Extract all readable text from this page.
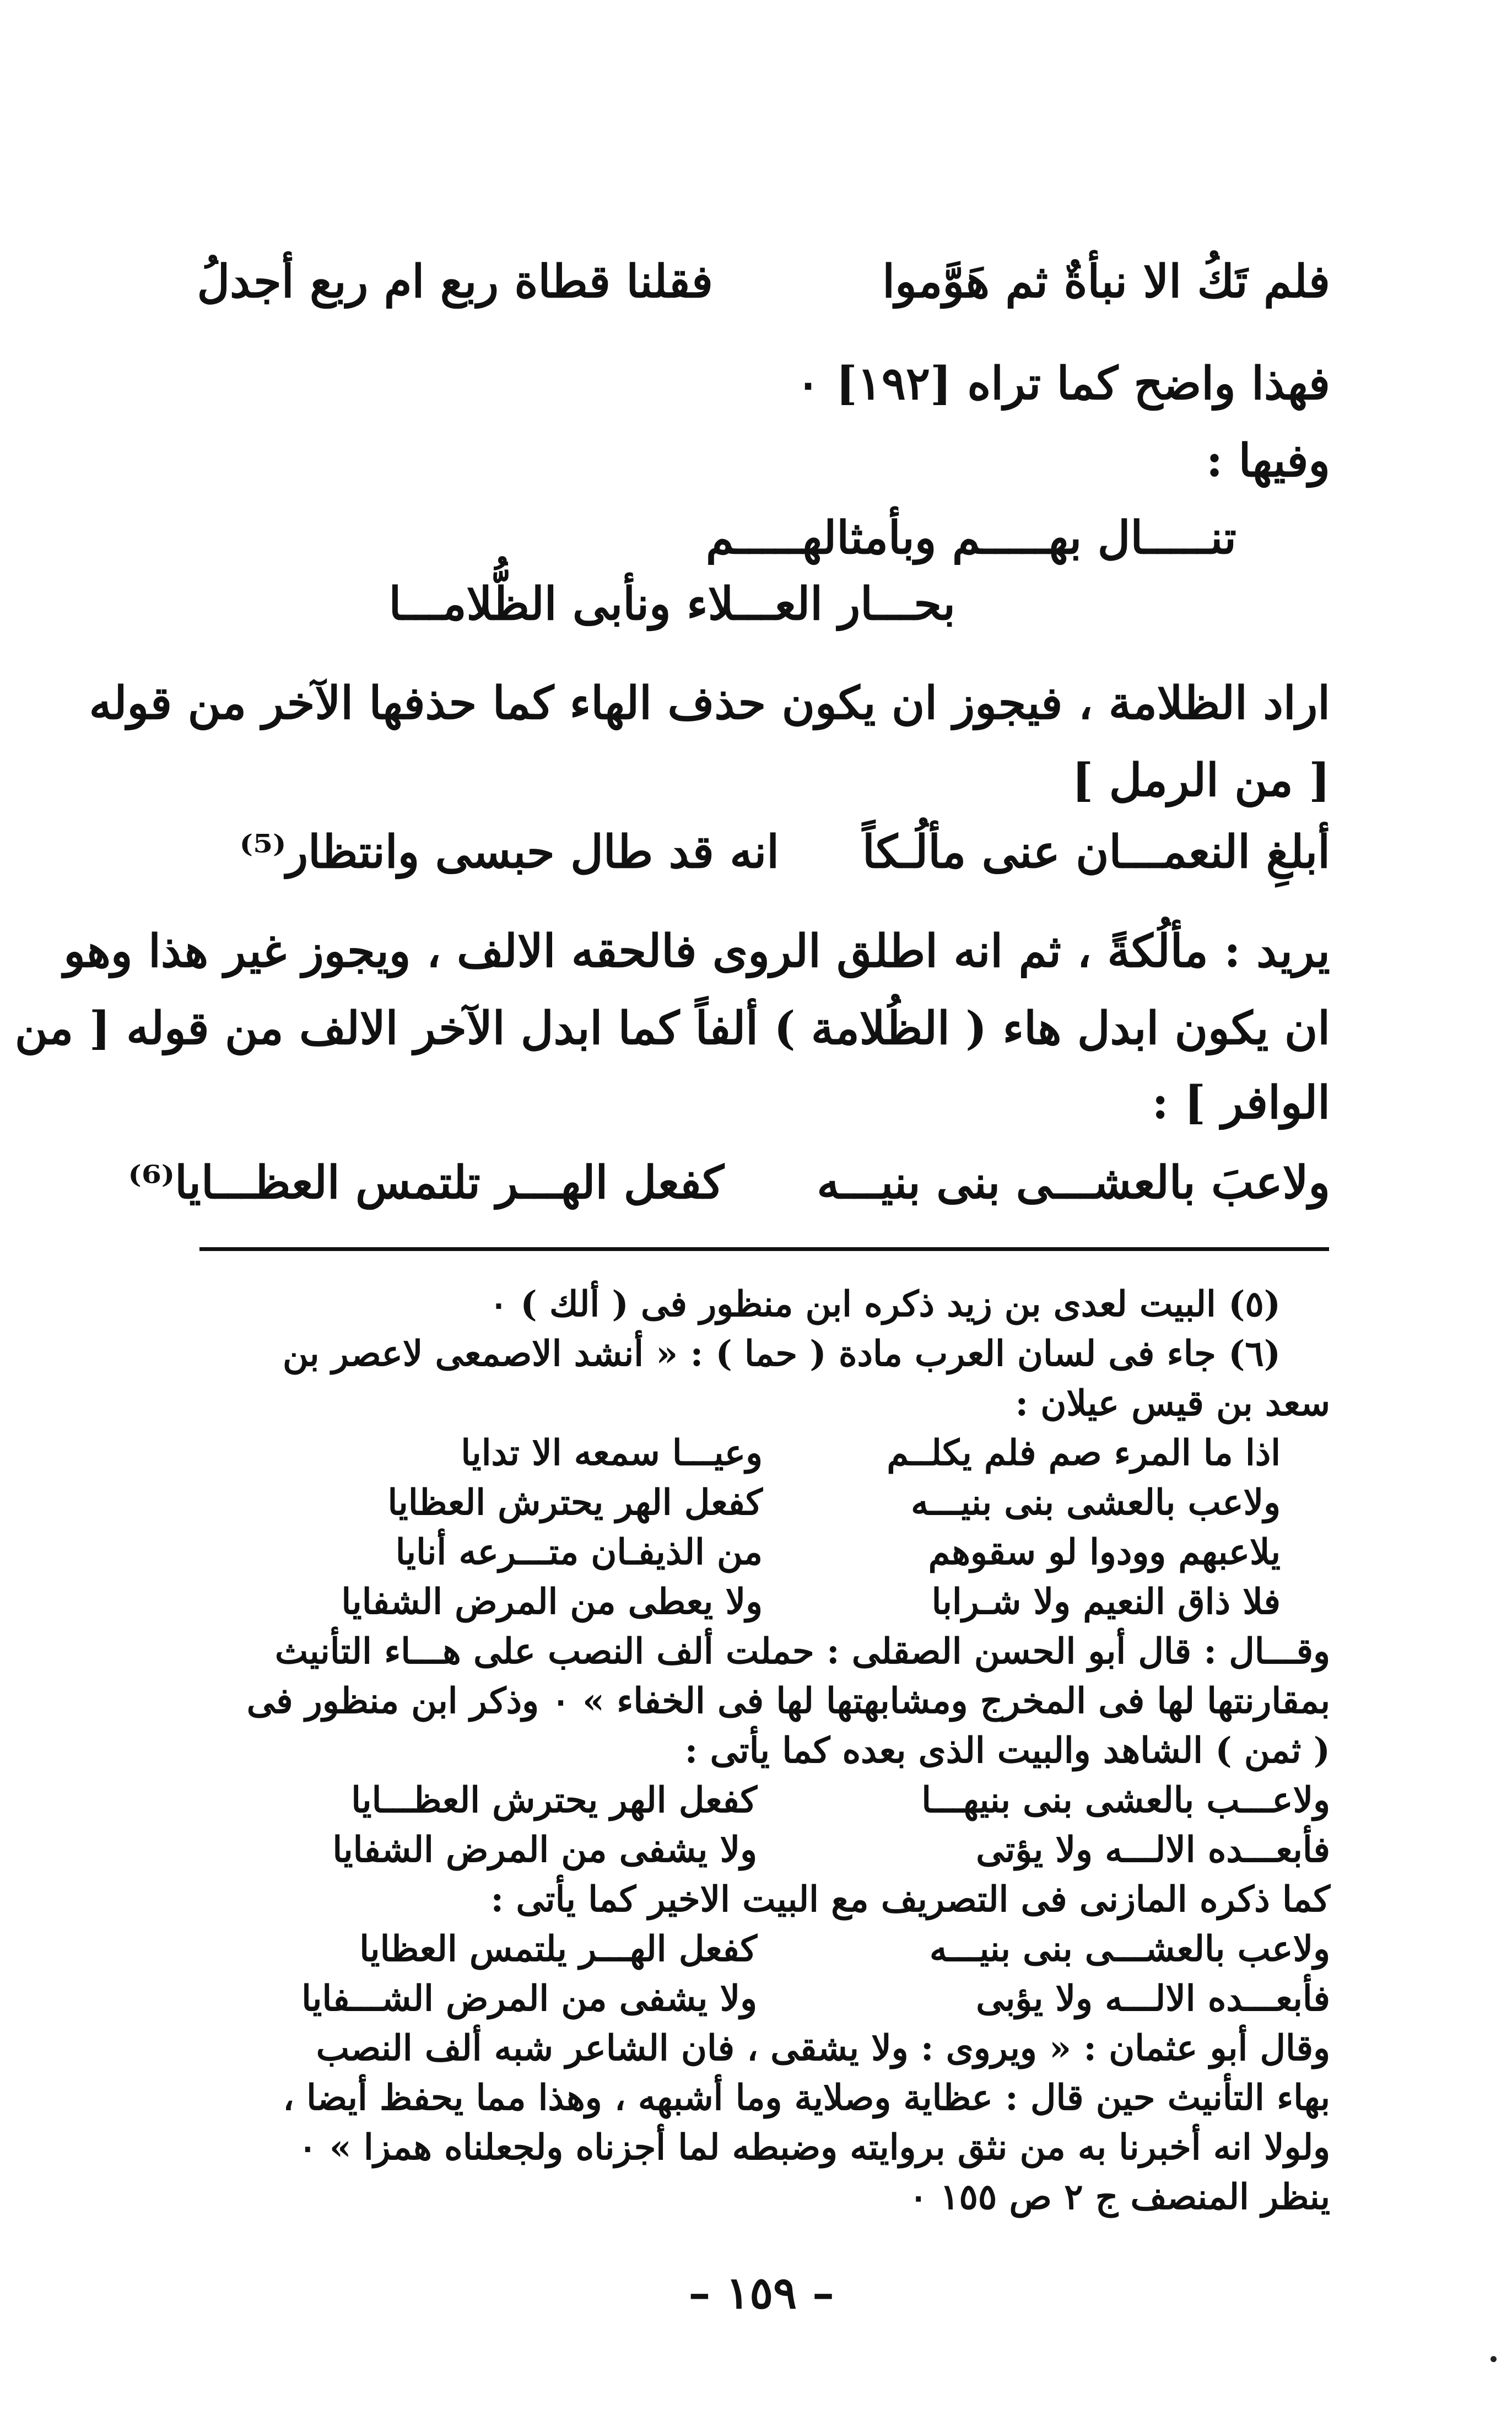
فلم تَكُ الا نبأةٌ ثم هَوَّموا
فقلنا قطاة ربع ام ربع أجدلُ
فهذا واضح كما تراه [١٩٢] ٠
وفيها :
تنـــــال بهـــــم وبأمثالهـــــم
بحـــار العـــلاء ونأبى الظُّلامـــا
اراد الظلامة ، فيجوز ان يكون حذف الهاء كما حذفها الآخر من قوله
[ من الرمل ]
أبلغِ النعمـــان عنى مألُـكاً
انه قد طال حبسى وانتظار⁽⁵⁾
يريد : مألُكةً ، ثم انه اطلق الروى فالحقه الالف ، ويجوز غير هذا وهو
ان يكون ابدل هاء ( الظُلامة ) ألفاً كما ابدل الآخر الالف من قوله [ من
الوافر ] :
ولاعبَ بالعشـــى بنى بنيـــه
كفعل الهـــر تلتمس العظـــايا⁽⁶⁾
(٥) البيت لعدى بن زيد ذكره ابن منظور فى ( ألك ) ٠
(٦) جاء فى لسان العرب مادة ( حما ) : « أنشد الاصمعى لاعصر بن
سعد بن قيس عيلان :
اذا ما المرء صم فلم يكلــم
وعيـــا سمعه الا تدايا
ولاعب بالعشى بنى بنيـــه
كفعل الهر يحترش العظايا
يلاعبهم وودوا لو سقوهم
من الذيفـان متـــرعه أنايا
فلا ذاق النعيم ولا شـرابا
ولا يعطى من المرض الشفايا
وقـــال : قال أبو الحسن الصقلى : حملت ألف النصب على هـــاء التأنيث
بمقارنتها لها فى المخرج ومشابهتها لها فى الخفاء » ٠ وذكر ابن منظور فى
( ثمن ) الشاهد والبيت الذى بعده كما يأتى :
ولاعـــب بالعشى بنى بنيهـــا
كفعل الهر يحترش العظـــايا
فأبعـــده الالـــه ولا يؤتى
ولا يشفى من المرض الشفايا
كما ذكره المازنى فى التصريف مع البيت الاخير كما يأتى :
ولاعب بالعشـــى بنى بنيـــه
كفعل الهـــر يلتمس العظايا
فأبعـــده الالـــه ولا يؤبى
ولا يشفى من المرض الشـــفايا
وقال أبو عثمان : « ويروى : ولا يشقى ، فان الشاعر شبه ألف النصب
بهاء التأنيث حين قال : عظاية وصلاية وما أشبهه ، وهذا مما يحفظ أيضا ،
ولولا انه أخبرنا به من نثق بروايته وضبطه لما أجزناه ولجعلناه همزا » ٠
ينظر المنصف ج ٢ ص ١٥٥ ٠
– ١٥٩ –
